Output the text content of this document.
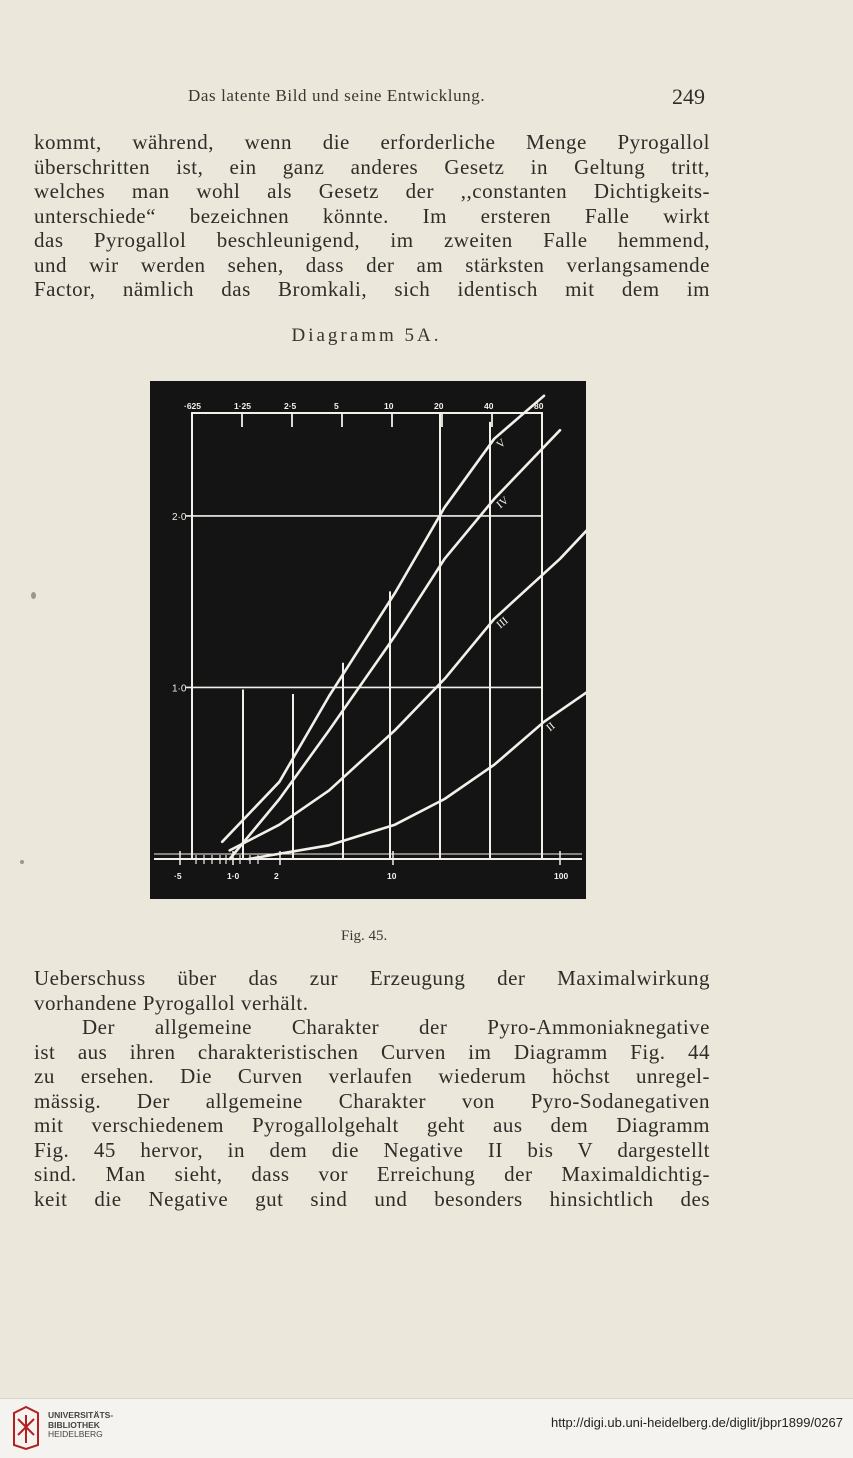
Das latente Bild und seine Entwicklung.	249

kommt, während, wenn die erforderliche Menge Pyrogallol
überschritten ist, ein ganz anderes Gesetz in Geltung tritt,
welches man wohl als Gesetz der ,,constanten Dichtigkeits-
unterschiede“ bezeichnen könnte. Im ersteren Falle wirkt
das Pyrogallol beschleunigend, im zweiten Falle hemmend,
und wir werden sehen, dass der am stärksten verlangsamende
Factor, nämlich das Bromkali, sich identisch mit dem im

Diagramm 5A.
1·0
2·0
·625	1·25	2·5	5	10	20	40	80
·5	1·0	2	10	100
II
III
IV
V
Fig. 45.

Ueberschuss über das zur Erzeugung der Maximalwirkung
vorhandene Pyrogallol verhält.

Der allgemeine Charakter der Pyro-Ammoniaknegative
ist aus ihren charakteristischen Curven im Diagramm Fig. 44
zu ersehen. Die Curven verlaufen wiederum höchst unregel-
mässig. Der allgemeine Charakter von Pyro-Sodanegativen
mit verschiedenem Pyrogallolgehalt geht aus dem Diagramm
Fig. 45 hervor, in dem die Negative II bis V dargestellt
sind. Man sieht, dass vor Erreichung der Maximaldichtig-
keit die Negative gut sind und besonders hinsichtlich des

UNIVERSITÄTS-
BIBLIOTHEK
HEIDELBERG
http://digi.ub.uni-heidelberg.de/diglit/jbpr1899/0267
